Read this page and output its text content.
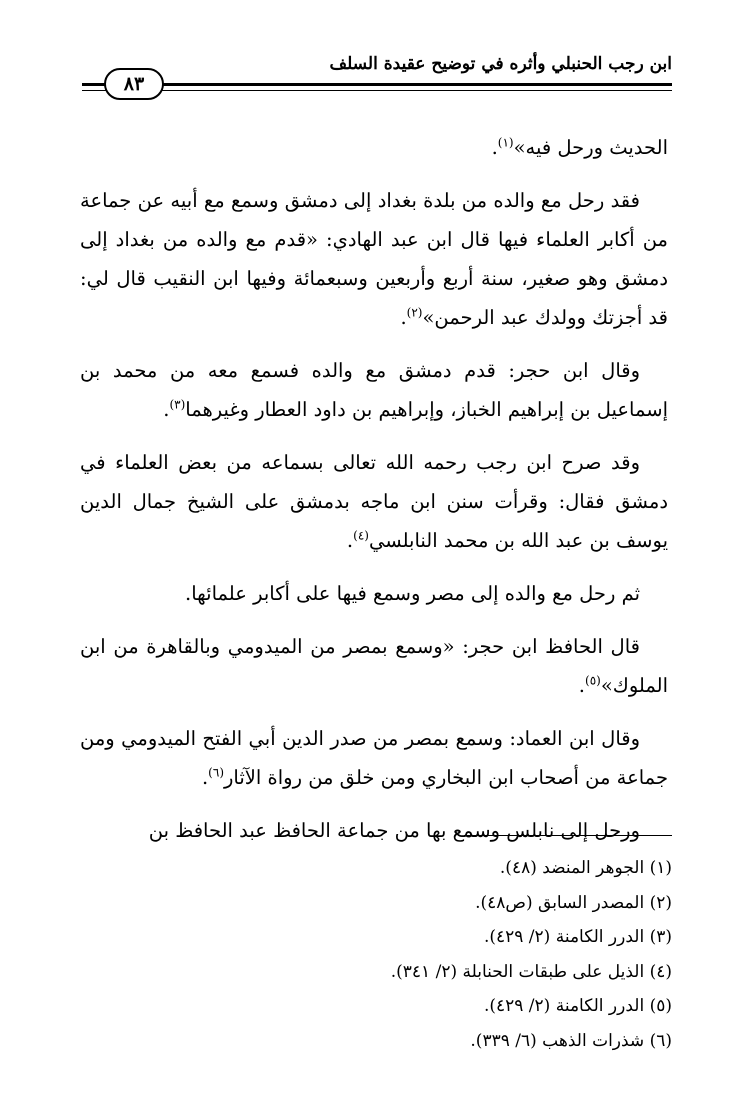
ابن رجب الحنبلي وأثره في توضيح عقيدة السلف
٨٣

الحديث ورحل فيه»$^{(١)}$.

فقد رحل مع والده من بلدة بغداد إلى دمشق وسمع مع أبيه عن جماعة من أكابر العلماء فيها قال ابن عبد الهادي: «قدم مع والده من بغداد إلى دمشق وهو صغير، سنة أربع وأربعين وسبعمائة وفيها ابن النقيب قال لي: قد أجزتك وولدك عبد الرحمن»$^{(٢)}$.

وقال ابن حجر: قدم دمشق مع والده فسمع معه من محمد بن إسماعيل بن إبراهيم الخباز، وإبراهيم بن داود العطار وغيرهما$^{(٣)}$.

وقد صرح ابن رجب رحمه الله تعالى بسماعه من بعض العلماء في دمشق فقال: وقرأت سنن ابن ماجه بدمشق على الشيخ جمال الدين يوسف بن عبد الله بن محمد النابلسي$^{(٤)}$.

ثم رحل مع والده إلى مصر وسمع فيها على أكابر علمائها.

قال الحافظ ابن حجر: «وسمع بمصر من الميدومي وبالقاهرة من ابن الملوك»$^{(٥)}$.

وقال ابن العماد: وسمع بمصر من صدر الدين أبي الفتح الميدومي ومن جماعة من أصحاب ابن البخاري ومن خلق من رواة الآثار$^{(٦)}$.

ورحل إلى نابلس وسمع بها من جماعة الحافظ عبد الحافظ بن

(١) الجوهر المنضد (٤٨).
(٢) المصدر السابق (ص٤٨).
(٣) الدرر الكامنة (٢/ ٤٢٩).
(٤) الذيل على طبقات الحنابلة (٢/ ٣٤١).
(٥) الدرر الكامنة (٢/ ٤٢٩).
(٦) شذرات الذهب (٦/ ٣٣٩).
